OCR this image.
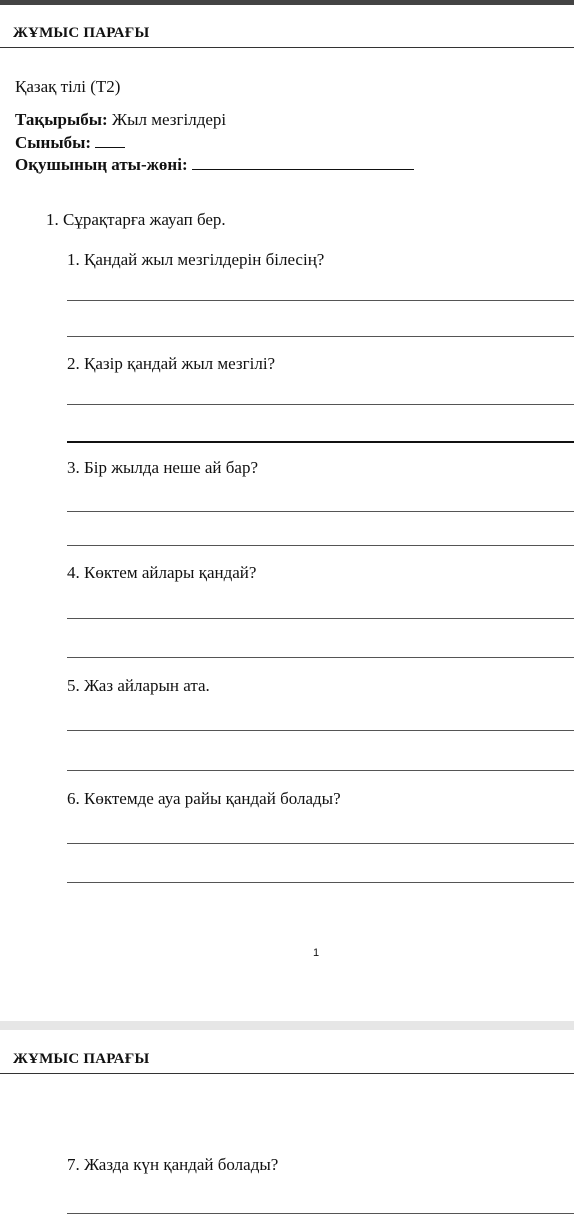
ЖҰМЫС ПАРАҒЫ
Қазақ тілі (Т2)
Тақырыбы: Жыл мезгілдері
Сыныбы:
Оқушының аты-жөні:
1. Сұрақтарға жауап бер.
1. Қандай жыл мезгілдерін білесің?
2. Қазір қандай жыл мезгілі?
3. Бір жылда неше ай бар?
4. Көктем айлары қандай?
5. Жаз айларын ата.
6. Көктемде ауа райы қандай болады?
1
ЖҰМЫС ПАРАҒЫ
7. Жазда күн қандай болады?
